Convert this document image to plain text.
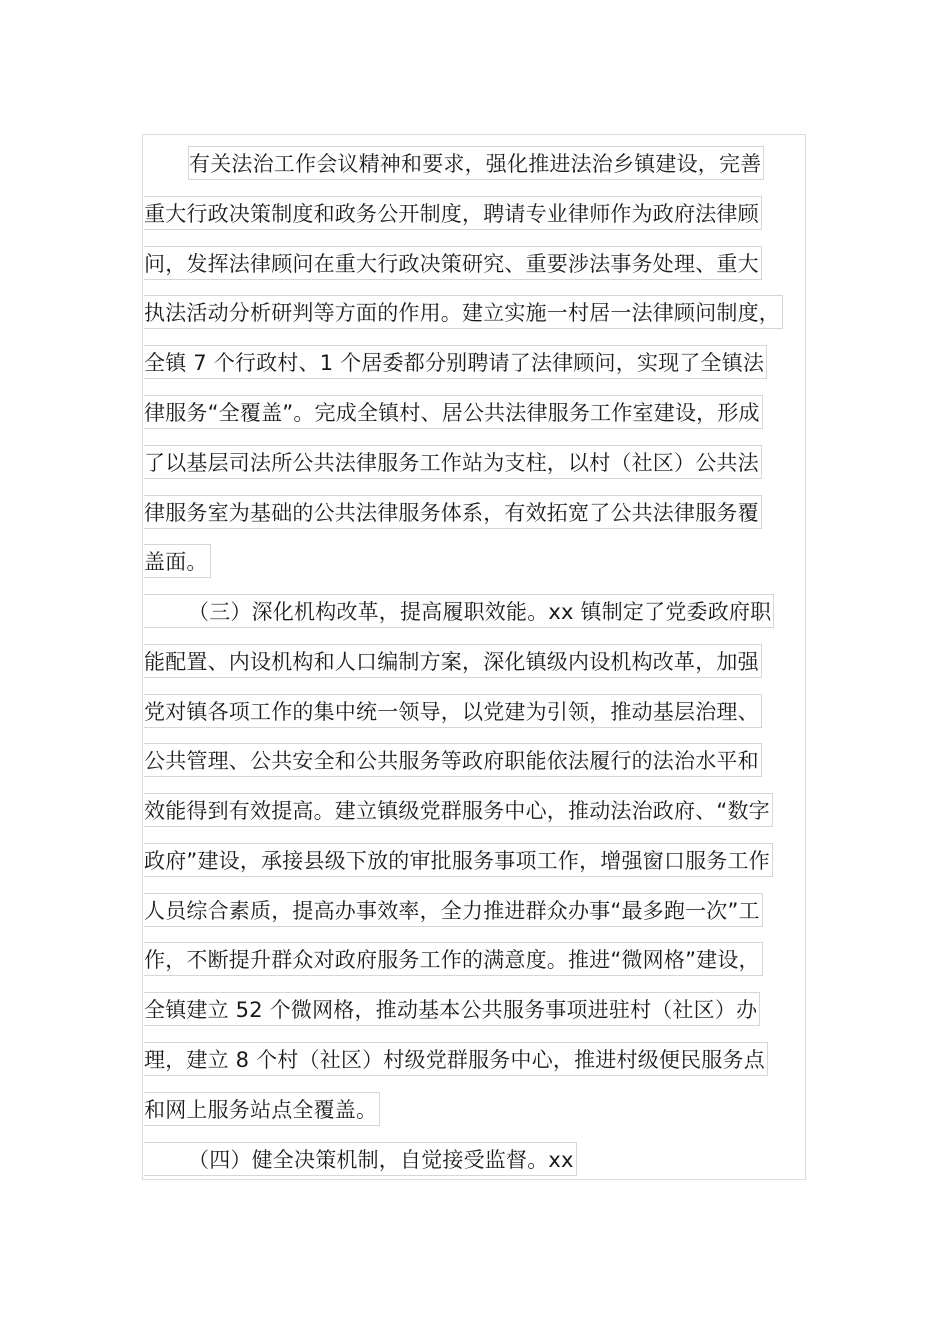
有关法治工作会议精神和要求，强化推进法治乡镇建设，完善
重大行政决策制度和政务公开制度，聘请专业律师作为政府法律顾
问，发挥法律顾问在重大行政决策研究、重要涉法事务处理、重大
执法活动分析研判等方面的作用。建立实施一村居一法律顾问制度，
全镇 7 个行政村、1 个居委都分别聘请了法律顾问，实现了全镇法
律服务“全覆盖”。完成全镇村、居公共法律服务工作室建设，形成
了以基层司法所公共法律服务工作站为支柱，以村（社区）公共法
律服务室为基础的公共法律服务体系，有效拓宽了公共法律服务覆
盖面。
（三）深化机构改革，提高履职效能。xx 镇制定了党委政府职
能配置、内设机构和人口编制方案，深化镇级内设机构改革，加强
党对镇各项工作的集中统一领导，以党建为引领，推动基层治理、
公共管理、公共安全和公共服务等政府职能依法履行的法治水平和
效能得到有效提高。建立镇级党群服务中心，推动法治政府、“数字
政府”建设，承接县级下放的审批服务事项工作，增强窗口服务工作
人员综合素质，提高办事效率，全力推进群众办事“最多跑一次”工
作，不断提升群众对政府服务工作的满意度。推进“微网格”建设，
全镇建立 52 个微网格，推动基本公共服务事项进驻村（社区）办
理，建立 8 个村（社区）村级党群服务中心，推进村级便民服务点
和网上服务站点全覆盖。
（四）健全决策机制，自觉接受监督。xx
